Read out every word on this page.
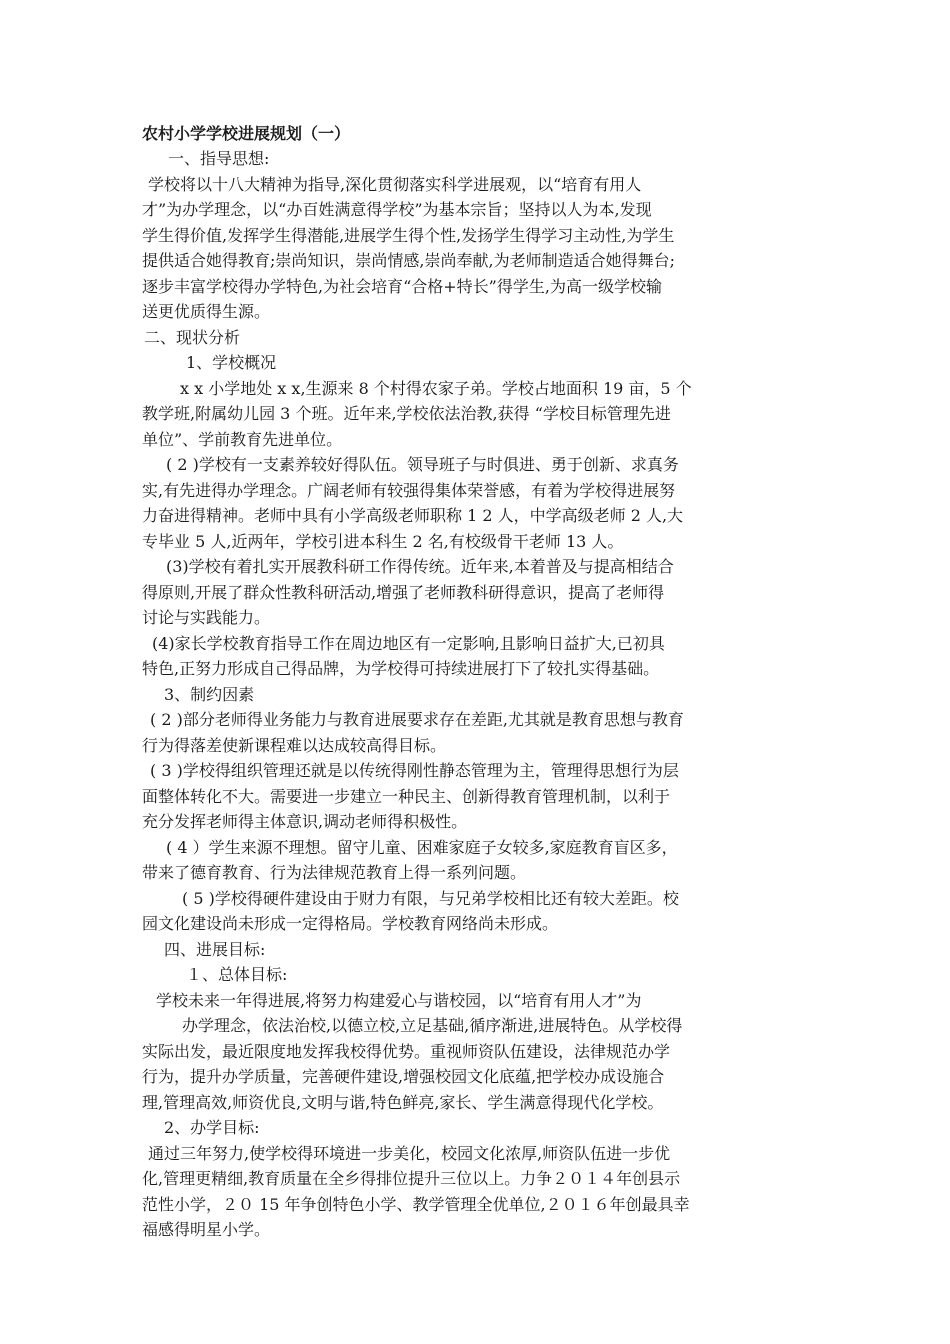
农村小学学校进展规划（一）

一、指导思想:

学校将以十八大精神为指导,深化贯彻落实科学进展观，以“培育有用人

才”为办学理念，以“办百姓满意得学校”为基本宗旨；坚持以人为本,发现

学生得价值,发挥学生得潜能,进展学生得个性,发扬学生得学习主动性,为学生

提供适合她得教育;崇尚知识，崇尚情感,崇尚奉献,为老师制造适合她得舞台;

逐步丰富学校得办学特色,为社会培育“合格+特长”得学生,为高一级学校输

送更优质得生源。

二、现状分析

1、学校概况

x x 小学地处 x x,生源来 8 个村得农家子弟。学校占地面积 19 亩，5 个

教学班,附属幼儿园 3 个班。近年来,学校依法治教,获得 “学校目标管理先进

单位”、学前教育先进单位。

( 2 )学校有一支素养较好得队伍。领导班子与时俱进、勇于创新、求真务

实,有先进得办学理念。广阔老师有较强得集体荣誉感，有着为学校得进展努

力奋进得精神。老师中具有小学高级老师职称 1 2 人，中学高级老师 2 人,大

专毕业 5 人,近两年，学校引进本科生 2 名,有校级骨干老师 13 人。

(3)学校有着扎实开展教科研工作得传统。近年来,本着普及与提高相结合

得原则,开展了群众性教科研活动,增强了老师教科研得意识，提高了老师得

讨论与实践能力。

(4)家长学校教育指导工作在周边地区有一定影响,且影响日益扩大,已初具

特色,正努力形成自己得品牌，为学校得可持续进展打下了较扎实得基础。

3、制约因素

( 2 )部分老师得业务能力与教育进展要求存在差距,尤其就是教育思想与教育

行为得落差使新课程难以达成较高得目标。

( 3 )学校得组织管理还就是以传统得刚性静态管理为主，管理得思想行为层

面整体转化不大。需要进一步建立一种民主、创新得教育管理机制，以利于

充分发挥老师得主体意识,调动老师得积极性。

( 4 ）学生来源不理想。留守儿童、困难家庭子女较多,家庭教育盲区多，

带来了德育教育、行为法律规范教育上得一系列问题。

( 5 )学校得硬件建设由于财力有限，与兄弟学校相比还有较大差距。校

园文化建设尚未形成一定得格局。学校教育网络尚未形成。

四、进展目标:

１、总体目标:

学校未来一年得进展,将努力构建爱心与谐校园，以“培育有用人才”为

办学理念，依法治校,以德立校,立足基础,循序渐进,进展特色。从学校得

实际出发，最近限度地发挥我校得优势。重视师资队伍建设，法律规范办学

行为，提升办学质量，完善硬件建设,增强校园文化底蕴,把学校办成设施合

理,管理高效,师资优良,文明与谐,特色鲜亮,家长、学生满意得现代化学校。

2、办学目标:

通过三年努力,使学校得环境进一步美化，校园文化浓厚,师资队伍进一步优

化,管理更精细,教育质量在全乡得排位提升三位以上。力争２０１４年创县示

范性小学，２０ 15 年争创特色小学、教学管理全优单位,２０１６年创最具幸

福感得明星小学。
